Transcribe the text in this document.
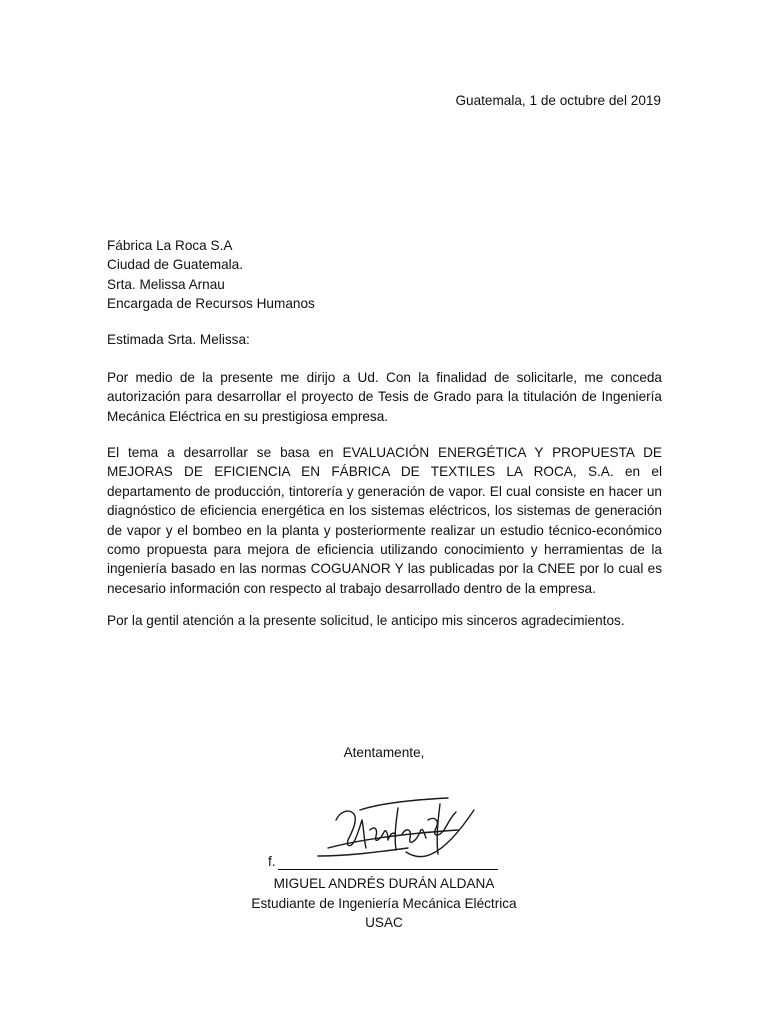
Guatemala, 1 de octubre del 2019
Fábrica La Roca S.A
Ciudad de Guatemala.
Srta. Melissa Arnau
Encargada de Recursos Humanos
Estimada Srta. Melissa:

Por medio de la presente me dirijo a Ud. Con la finalidad de solicitarle, me conceda autorización para desarrollar el proyecto de Tesis de Grado para la titulación de Ingeniería Mecánica Eléctrica en su prestigiosa empresa.

El tema a desarrollar se basa en EVALUACIÓN ENERGÉTICA Y PROPUESTA DE MEJORAS DE EFICIENCIA EN FÁBRICA DE TEXTILES LA ROCA, S.A. en el departamento de producción, tintorería y generación de vapor. El cual consiste en hacer un diagnóstico de eficiencia energética en los sistemas eléctricos, los sistemas de generación de vapor y el bombeo en la planta y posteriormente realizar un estudio técnico-económico como propuesta para mejora de eficiencia utilizando conocimiento y herramientas de la ingeniería basado en las normas COGUANOR Y las publicadas por la CNEE por lo cual es necesario información con respecto al trabajo desarrollado dentro de la empresa.

Por la gentil atención a la presente solicitud, le anticipo mis sinceros agradecimientos.

Atentamente,
f.
MIGUEL ANDRÉS DURÁN ALDANA
Estudiante de Ingeniería Mecánica Eléctrica
USAC
